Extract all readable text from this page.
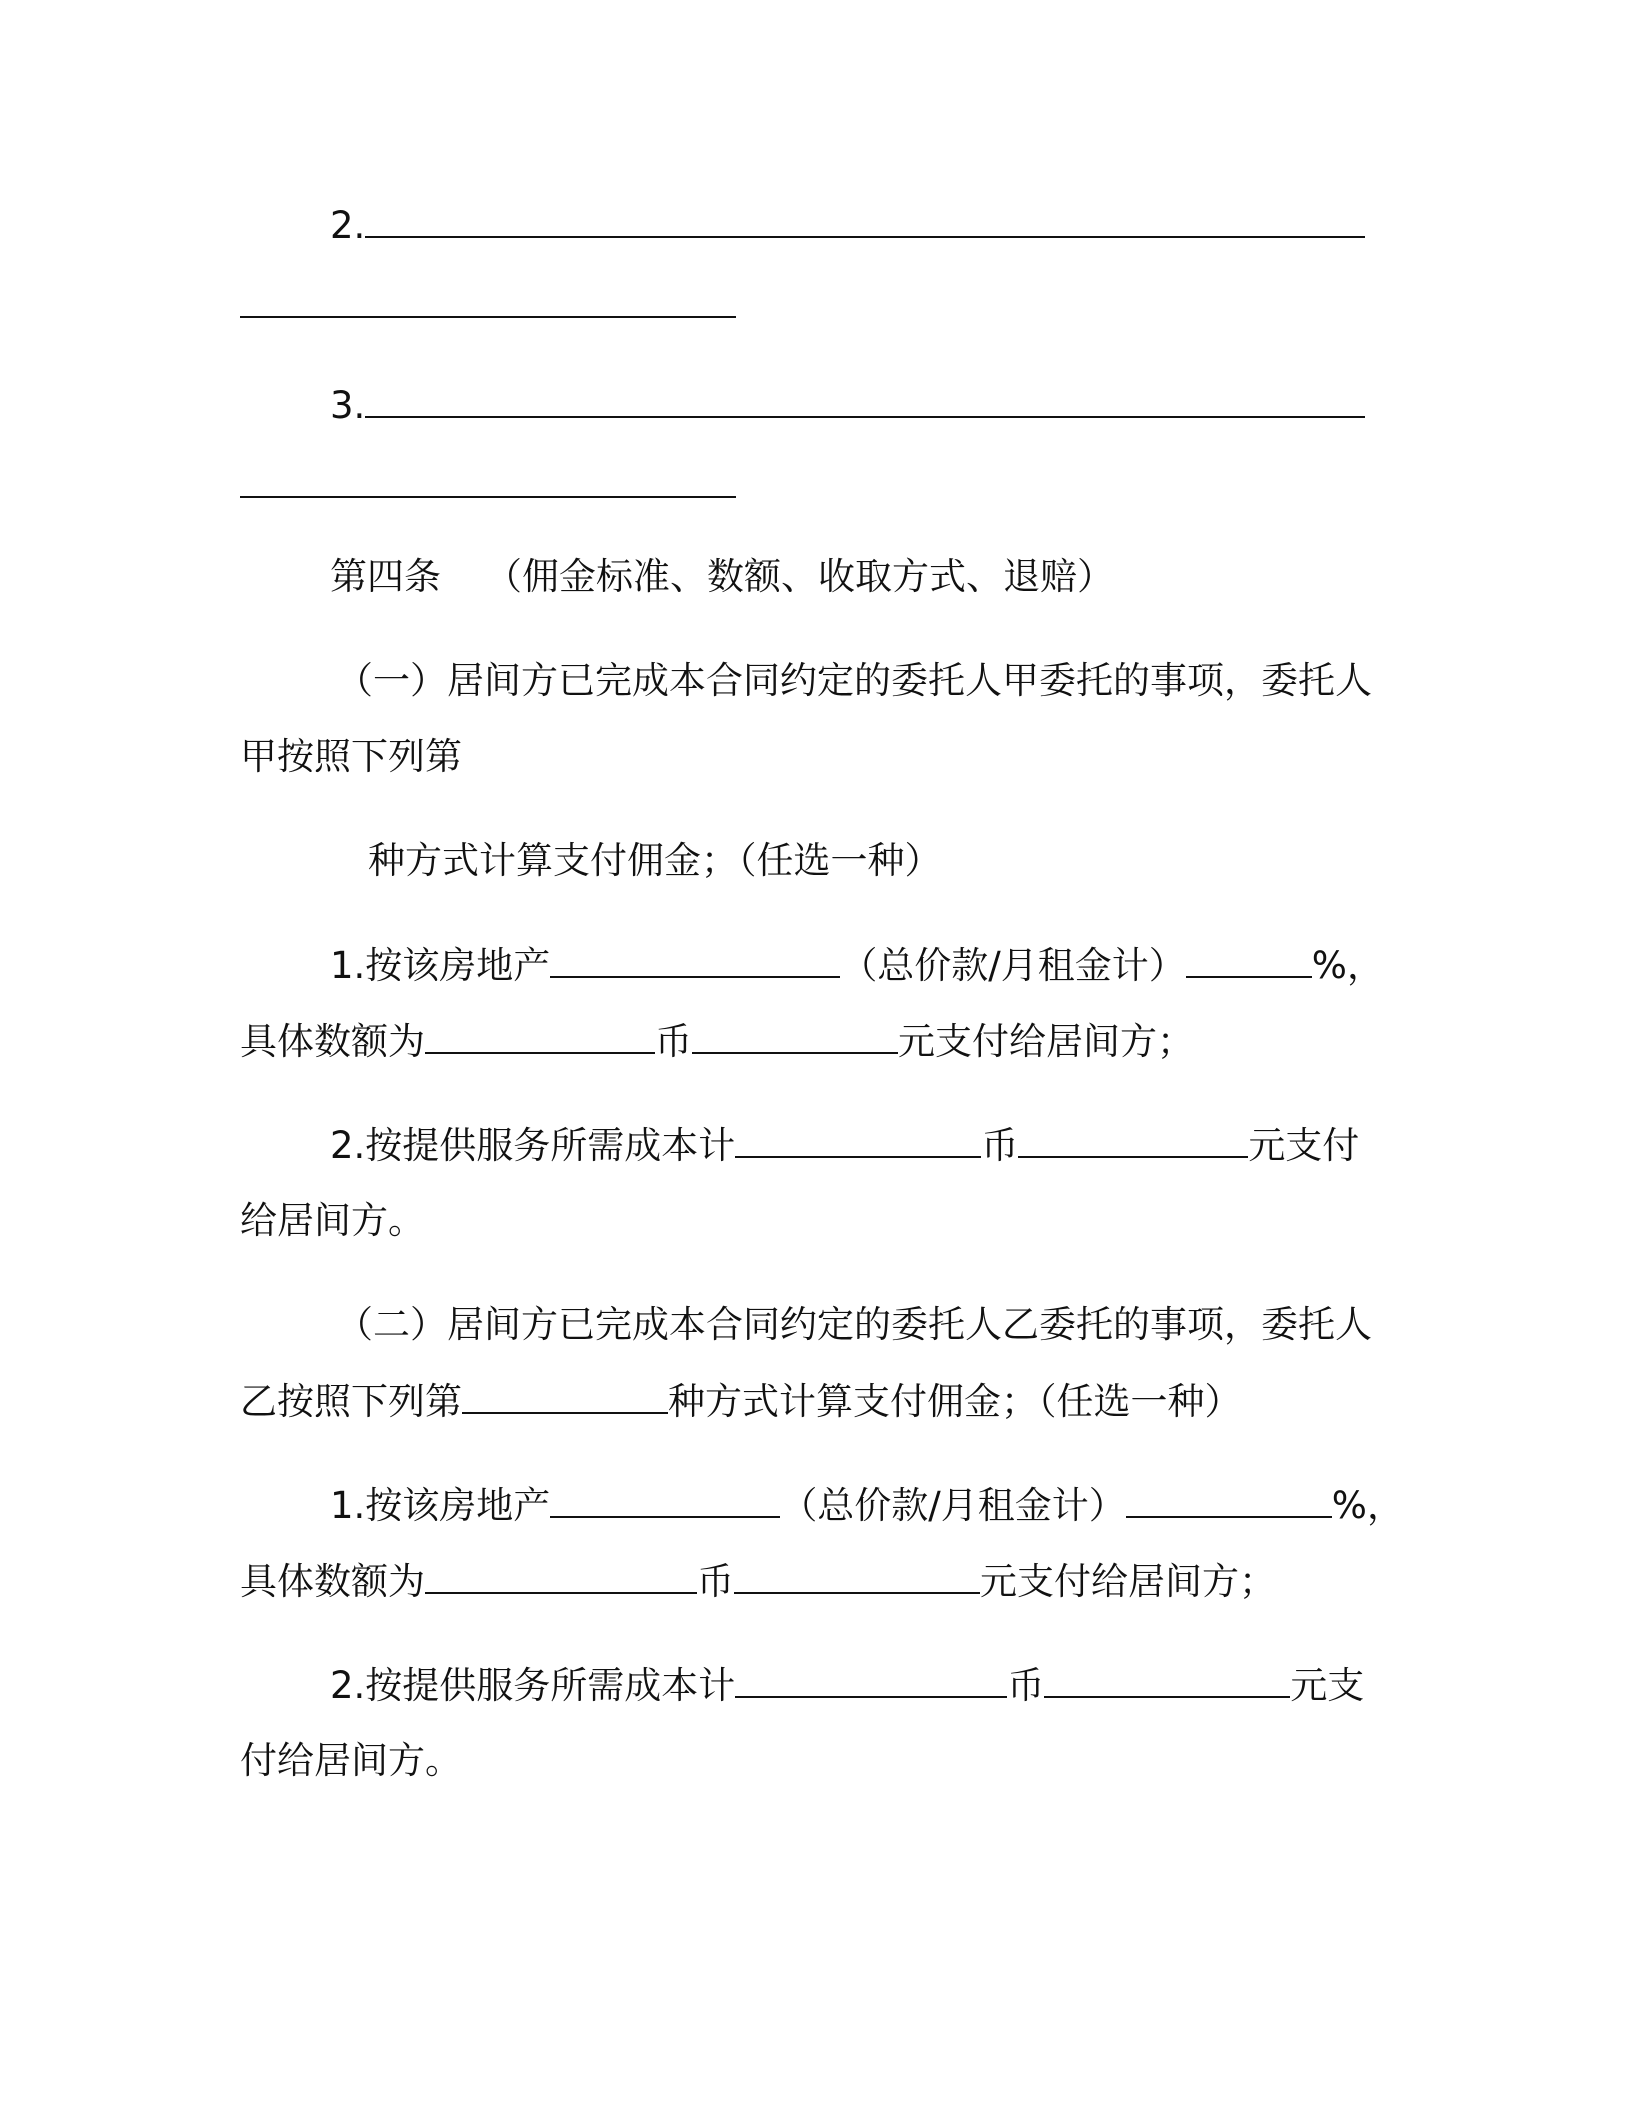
2.
3.
第四条 （佣金标准、数额、收取方式、退赔）
（一）居间方已完成本合同约定的委托人甲委托的事项，委托人
甲按照下列第
种方式计算支付佣金；（任选一种）
1.按该房地产	（总价款/月租金计）	%，
具体数额为	币	元支付给居间方；
2.按提供服务所需成本计	币	元支付
给居间方。
（二）居间方已完成本合同约定的委托人乙委托的事项，委托人
乙按照下列第	种方式计算支付佣金；（任选一种）
1.按该房地产	（总价款/月租金计）	%，
具体数额为	币	元支付给居间方；
2.按提供服务所需成本计	币	元支
付给居间方。
